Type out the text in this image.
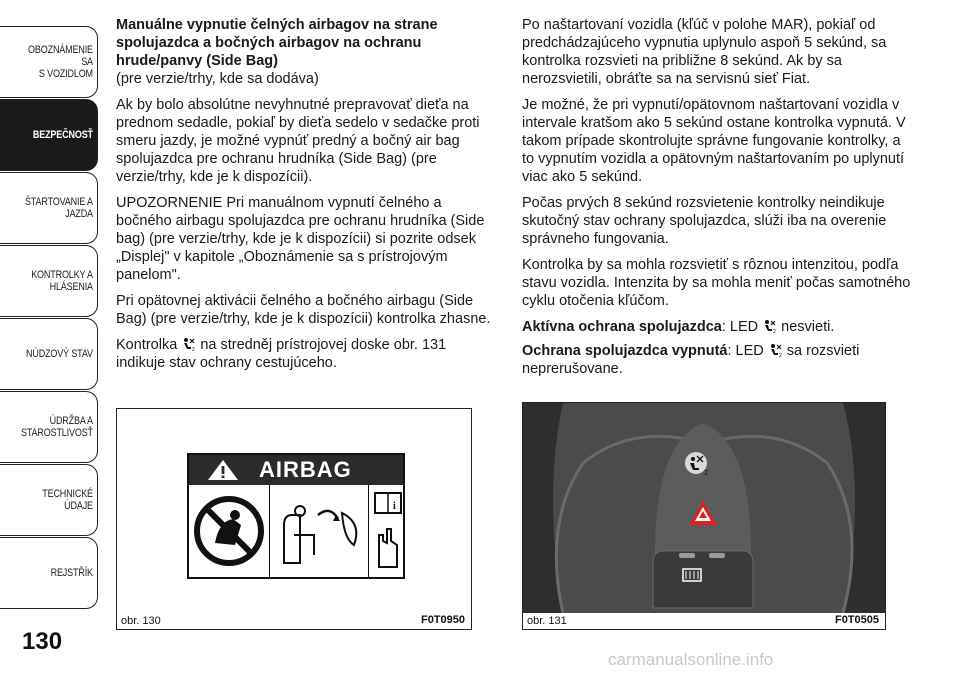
OBOZNÁMENIE SA
S VOZIDLOM
BEZPEČNOSŤ
ŠTARTOVANIE A
JAZDA
KONTROLKY A
HLÁSENIA
NÚDZOVÝ STAV
ÚDRŽBA A
STAROSTLIVOSŤ
TECHNICKÉ ÚDAJE
REJSTŘÍK
130

Manuálne vypnutie čelných airbagov na strane spolujazdca a bočných airbagov na ochranu hrude/panvy (Side Bag)

(pre verzie/trhy, kde sa dodáva)

Ak by bolo absolútne nevyhnutné prepravovať dieťa na prednom sedadle, pokiaľ by dieťa sedelo v sedačke proti smeru jazdy, je možné vypnúť predný a bočný air bag spolujazdca pre ochranu hrudníka (Side Bag) (pre verzie/trhy, kde je k dispozícii).

UPOZORNENIE Pri manuálnom vypnutí čelného a bočného airbagu spolujazdca pre ochranu hrudníka (Side bag) (pre verzie/trhy, kde je k dispozícii) si pozrite odsek „Displej" v kapitole „Oboznámenie sa s prístrojovým panelom".

Pri opätovnej aktivácii čelného a bočného airbagu (Side Bag) (pre verzie/trhy, kde je k dispozícii) kontrolka zhasne.

Kontrolka 2 na stredněj prístrojovej doske obr. 131 indikuje stav ochrany cestujúceho.

Po naštartovaní vozidla (kľúč v polohe MAR), pokiaľ od predchádzajúceho vypnutia uplynulo aspoň 5 sekúnd, sa kontrolka rozsvieti na približne 8 sekúnd. Ak by sa nerozsvietili, obráťte sa na servisnú sieť Fiat.

Je možné, že pri vypnutí/opätovnom naštartovaní vozidla v intervale kratšom ako 5 sekúnd ostane kontrolka vypnutá. V takom prípade skontrolujte správne fungovanie kontrolky, a to vypnutím vozidla a opätovným naštartovaním po uplynutí viac ako 5 sekúnd.

Počas prvých 8 sekúnd rozsvietenie kontrolky neindikuje skutočný stav ochrany spolujazdca, slúži iba na overenie správneho fungovania.

Kontrolka by sa mohla rozsvietiť s rôznou intenzitou, podľa stavu vozidla. Intenzita by sa mohla meniť počas samotného cyklu otočenia kľúčom.

Aktívna ochrana spolujazdca: LED 2 nesvieti.

Ochrana spolujazdca vypnutá: LED 2 sa rozsvieti neprerušovane.

AIRBAG
i
obr. 130	F0T0950
2
obr. 131	F0T0505
carmanualsonline.info
